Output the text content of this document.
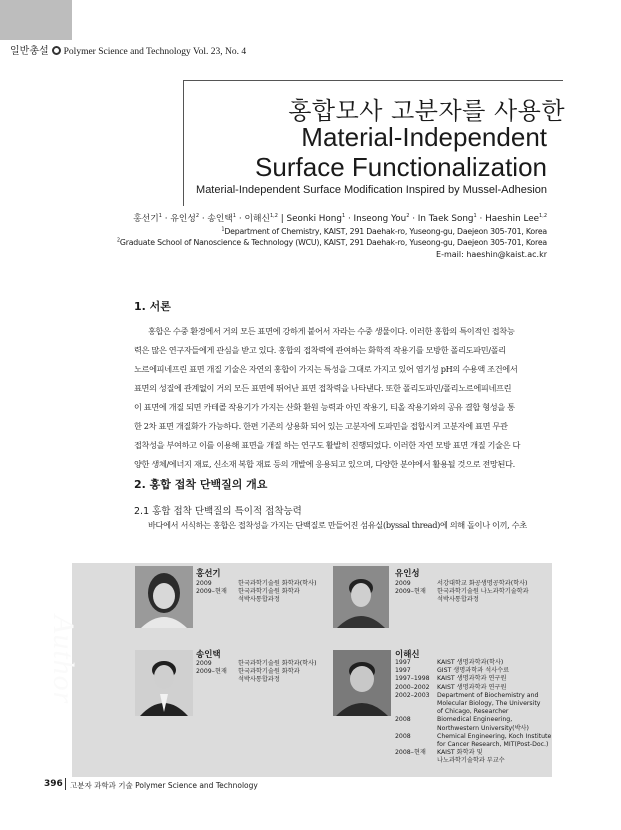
일반총설 Polymer Science and Technology Vol. 23, No. 4
홍합모사 고분자를 사용한
Material-Independent
Surface Functionalization
Material-Independent Surface Modification Inspired by Mussel-Adhesion
홍선기$^1$ · 유인성$^2$ · 송인택$^1$ · 이해신$^{1,2}$ | Seonki Hong$^1$ · Inseong You$^2$ · In Taek Song$^1$ · Haeshin Lee$^{1,2}$
$^1$Department of Chemistry, KAIST, 291 Daehak-ro, Yuseong-gu, Daejeon 305-701, Korea
$^2$Graduate School of Nanoscience & Technology (WCU), KAIST, 291 Daehak-ro, Yuseong-gu, Daejeon 305-701, Korea
E-mail: haeshin@kaist.ac.kr
1. 서론
홍합은 수중 환경에서 거의 모든 표면에 강하게 붙어서 자라는 수중 생물이다. 이러한 홍합의 특이적인 접착능
력은 많은 연구자들에게 관심을 받고 있다. 홍합의 접착력에 관여하는 화학적 작용기를 모방한 폴리도파민/폴리
노르에피네프린 표면 개질 기술은 자연의 홍합이 가지는 특성을 그대로 가지고 있어 염기성 pH의 수용액 조건에서
표면의 성질에 관계없이 거의 모든 표면에 뛰어난 표면 접착력을 나타낸다. 또한 폴리도파민/폴리노르에피네프린
이 표면에 개질 되면 카테콜 작용기가 가지는 산화 환원 능력과 아민 작용기, 티올 작용기와의 공유 결합 형성을 통
한 2차 표면 개질화가 가능하다. 한편 기존의 상용화 되어 있는 고분자에 도파민을 접합시켜 고분자에 표면 무관
접착성을 부여하고 이를 이용해 표면을 개질 하는 연구도 활발히 진행되었다. 이러한 자연 모방 표면 개질 기술은 다
양한 생체/에너지 재료, 신소재 복합 재료 등의 개발에 응용되고 있으며, 다양한 분야에서 활용될 것으로 전망된다.
2. 홍합 접착 단백질의 개요
2.1 홍합 접착 단백질의 특이적 접착능력
바다에서 서식하는 홍합은 접착성을 가지는 단백질로 만들어진 섬유실(byssal thread)에 의해 돌이나 이끼, 수초
Author
홍선기
2009	한국과학기술원 화학과(학사)
2009–현재	한국과학기술원 화학과
석박사통합과정
유인성
2009	서강대학교 화공생명공학과(학사)
2009–현재	한국과학기술원 나노과학기술학과
석박사통합과정
송인택
2009	한국과학기술원 화학과(학사)
2009–현재	한국과학기술원 화학과
석박사통합과정
이해신
1997	KAIST 생명과학과(학사)
1997	GIST 생명과학과 석사수료
1997–1998	KAIST 생명과학과 연구원
2000–2002	KAIST 생명과학과 연구원
2002–2003	Department of Biochemistry and
Molecular Biology, The University
of Chicago, Researcher
2008	Biomedical Engineering,
Northwestern University(박사)
2008	Chemical Engineering, Koch Institute
for Cancer Research, MIT(Post-Doc.)
2008–현재	KAIST 화학과 및
나노과학기술학과 부교수
396 고분자 과학과 기술 Polymer Science and Technology
